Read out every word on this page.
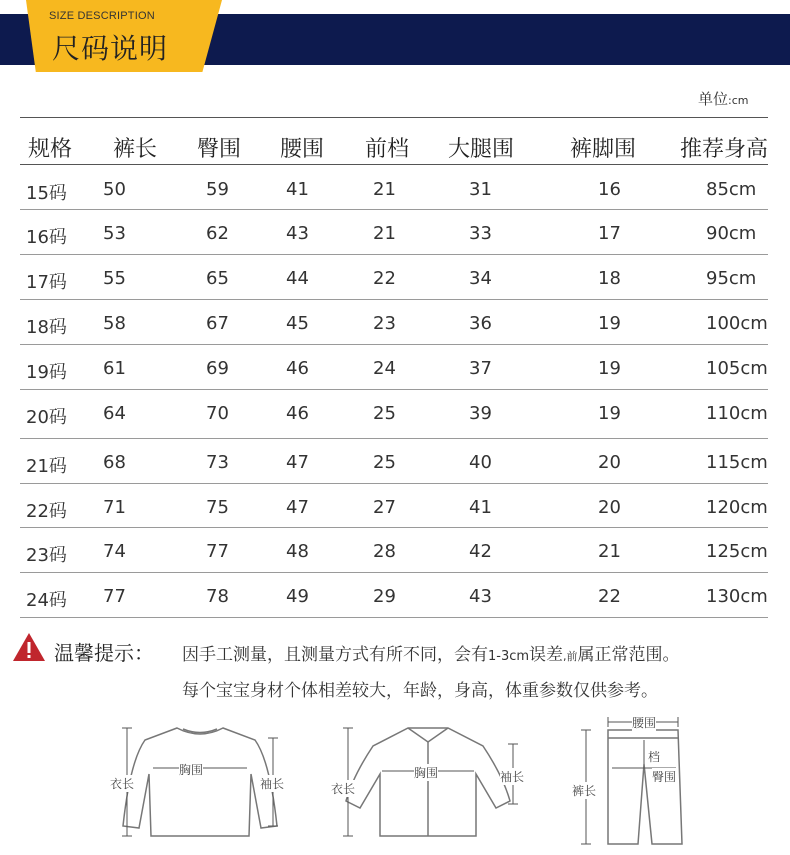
SIZE DESCRIPTION
尺码说明
单位:cm
规格 裤长 臀围 腰围 前档 大腿围	裤脚围 推荐身高
15码 50	59	41	21	31	16	85cm
16码 53	62	43	21	33	17	90cm
17码 55	65	44	22	34	18	95cm
18码 58	67	45	23	36	19	100cm
19码 61	69	46	24	37	19	105cm
20码 64	70	46	25	39	19	110cm
21码 68	73	47	25	40	20	115cm
22码 71	75	47	27	41	20	120cm
23码 74	77	48	28	42	21	125cm
24码 77	78	49	29	43	22	130cm
温馨提示： 因手工测量，且测量方式有所不同，会有1-3cm误差,前属正常范围。
每个宝宝身材个体相差较大，年龄，身高，体重参数仅供参考。
衣长
胸围
袖长	衣长
胸围	袖长
腰围
档
臀围
裤长
